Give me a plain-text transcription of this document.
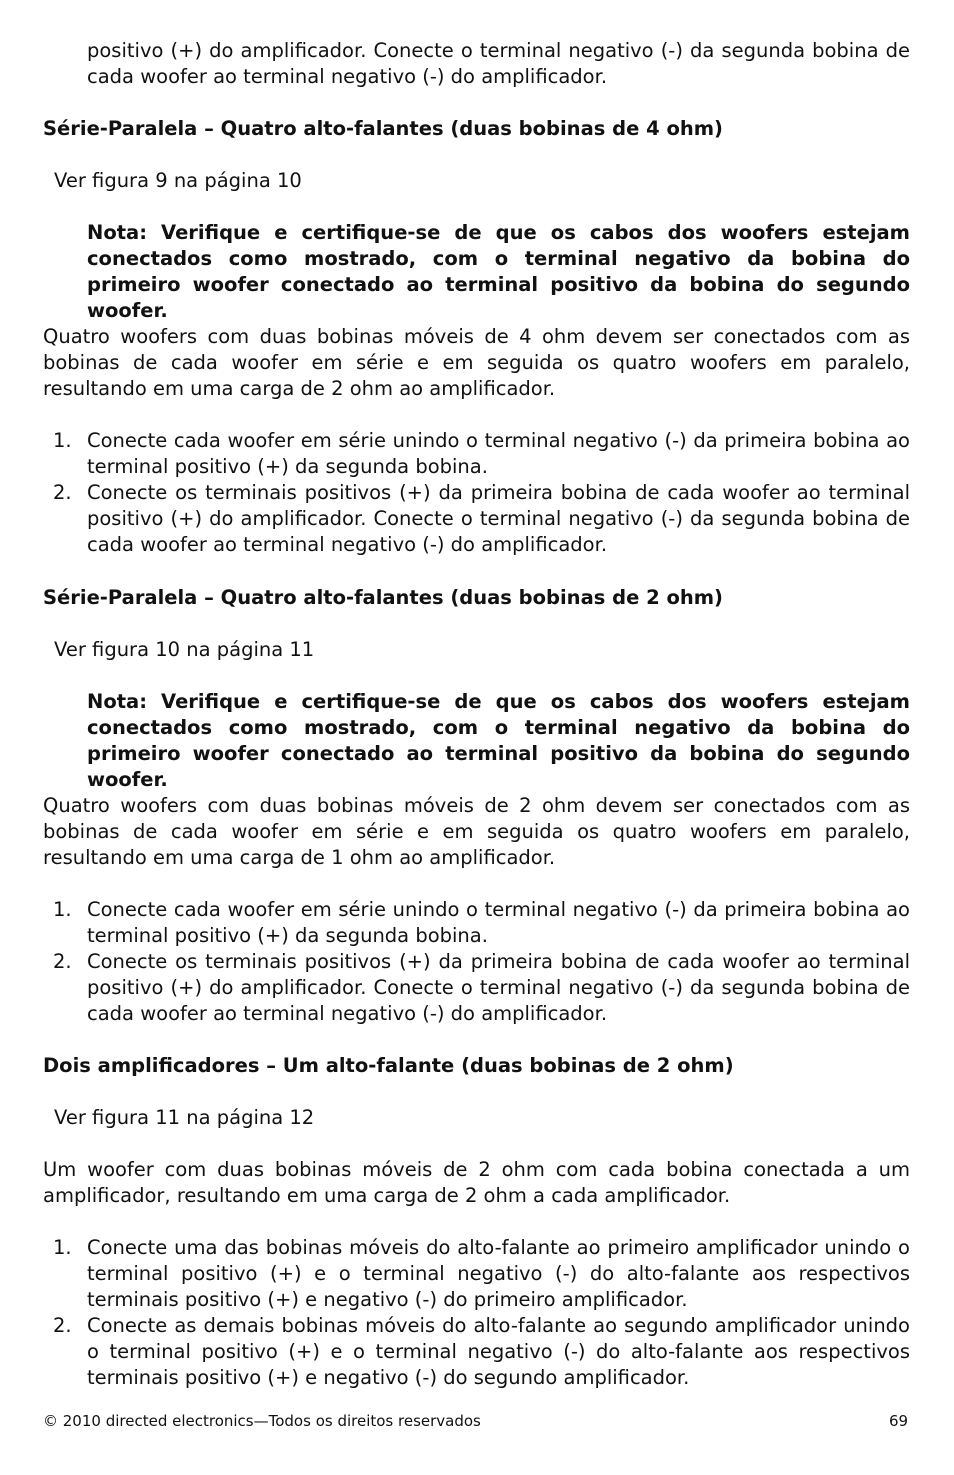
positivo (+) do amplificador. Conecte o terminal negativo (-) da segunda bobina de cada woofer ao terminal negativo (-) do amplificador.

Série-Paralela – Quatro alto-falantes (duas bobinas de 4 ohm)

Ver figura 9 na página 10

Nota: Verifique e certifique-se de que os cabos dos woofers estejam conectados como mostrado, com o terminal negativo da bobina do primeiro woofer conectado ao terminal positivo da bobina do segundo woofer.

Quatro woofers com duas bobinas móveis de 4 ohm devem ser conectados com as bobinas de cada woofer em série e em seguida os quatro woofers em paralelo, resultando em uma carga de 2 ohm ao amplificador.

1. Conecte cada woofer em série unindo o terminal negativo (-) da primeira bobina ao terminal positivo (+) da segunda bobina.
2. Conecte os terminais positivos (+) da primeira bobina de cada woofer ao terminal positivo (+) do amplificador. Conecte o terminal negativo (-) da segunda bobina de cada woofer ao terminal negativo (-) do amplificador.

Série-Paralela – Quatro alto-falantes (duas bobinas de 2 ohm)

Ver figura 10 na página 11

Nota: Verifique e certifique-se de que os cabos dos woofers estejam conectados como mostrado, com o terminal negativo da bobina do primeiro woofer conectado ao terminal positivo da bobina do segundo woofer.

Quatro woofers com duas bobinas móveis de 2 ohm devem ser conectados com as bobinas de cada woofer em série e em seguida os quatro woofers em paralelo, resultando em uma carga de 1 ohm ao amplificador.

1. Conecte cada woofer em série unindo o terminal negativo (-) da primeira bobina ao terminal positivo (+) da segunda bobina.
2. Conecte os terminais positivos (+) da primeira bobina de cada woofer ao terminal positivo (+) do amplificador. Conecte o terminal negativo (-) da segunda bobina de cada woofer ao terminal negativo (-) do amplificador.

Dois amplificadores – Um alto-falante (duas bobinas de 2 ohm)

Ver figura 11 na página 12

Um woofer com duas bobinas móveis de 2 ohm com cada bobina conectada a um amplificador, resultando em uma carga de 2 ohm a cada amplificador.

1. Conecte uma das bobinas móveis do alto-falante ao primeiro amplificador unindo o terminal positivo (+) e o terminal negativo (-) do alto-falante aos respectivos terminais positivo (+) e negativo (-) do primeiro amplificador.
2. Conecte as demais bobinas móveis do alto-falante ao segundo amplificador unindo o terminal positivo (+) e o terminal negativo (-) do alto-falante aos respectivos terminais positivo (+) e negativo (-) do segundo amplificador.
© 2010 directed electronics—Todos os direitos reservados	69
